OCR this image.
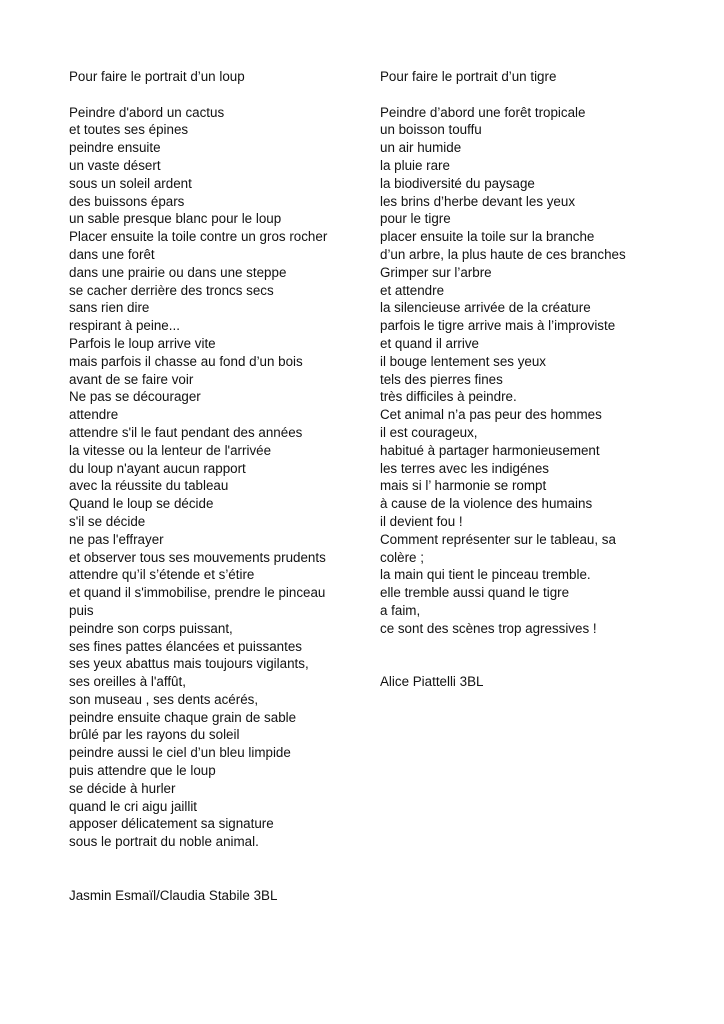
Pour faire le portrait d’un loup
Peindre d'abord un cactus
et toutes ses épines
peindre ensuite
un vaste désert
sous un soleil ardent
des buissons épars
un sable presque blanc pour le loup
Placer ensuite la toile contre un gros rocher
dans une forêt
dans une prairie ou dans une steppe
se cacher derrière des troncs secs
sans rien dire
respirant à peine...
Parfois le loup arrive vite
mais parfois il chasse au fond d’un bois
avant de se faire voir
Ne pas se décourager
attendre
attendre s'il le faut pendant des années
la vitesse ou la lenteur de l'arrivée
du loup n'ayant aucun rapport
avec la réussite du tableau
Quand le loup se décide
s'il se décide
ne pas l'effrayer
et observer tous ses mouvements prudents
attendre qu’il s’étende et s’étire
et quand il s'immobilise, prendre le pinceau
puis
peindre son corps puissant,
ses fines pattes élancées et puissantes
ses yeux abattus mais toujours vigilants,
ses oreilles à l'affût,
son museau , ses dents acérés,
peindre ensuite chaque grain de sable
brûlé par les rayons du soleil
peindre aussi le ciel d’un bleu limpide
puis attendre que le loup
se décide à hurler
quand le cri aigu jaillit
apposer délicatement sa signature
sous le portrait du noble animal.
Jasmin Esmaïl/Claudia Stabile 3BL
Pour faire le portrait d’un tigre
Peindre d’abord une forêt tropicale
un boisson touffu
un air humide
la pluie rare
la biodiversité du paysage
les brins d’herbe devant les yeux
pour le tigre
placer ensuite la toile sur la branche
d’un arbre, la plus haute de ces branches
Grimper sur l’arbre
et attendre
la silencieuse arrivée de la créature
parfois le tigre arrive mais à l’improviste
et quand il arrive
il bouge lentement ses yeux
tels des pierres fines
très difficiles à peindre.
Cet animal n’a pas peur des hommes
il est courageux,
habitué à partager harmonieusement
les terres avec les indigénes
mais si l’ harmonie se rompt
à cause de la violence des humains
il devient fou !
Comment représenter sur le tableau, sa
colère ;
la main qui tient le pinceau tremble.
elle tremble aussi quand le tigre
a faim,
ce sont des scènes trop agressives !
Alice Piattelli 3BL
